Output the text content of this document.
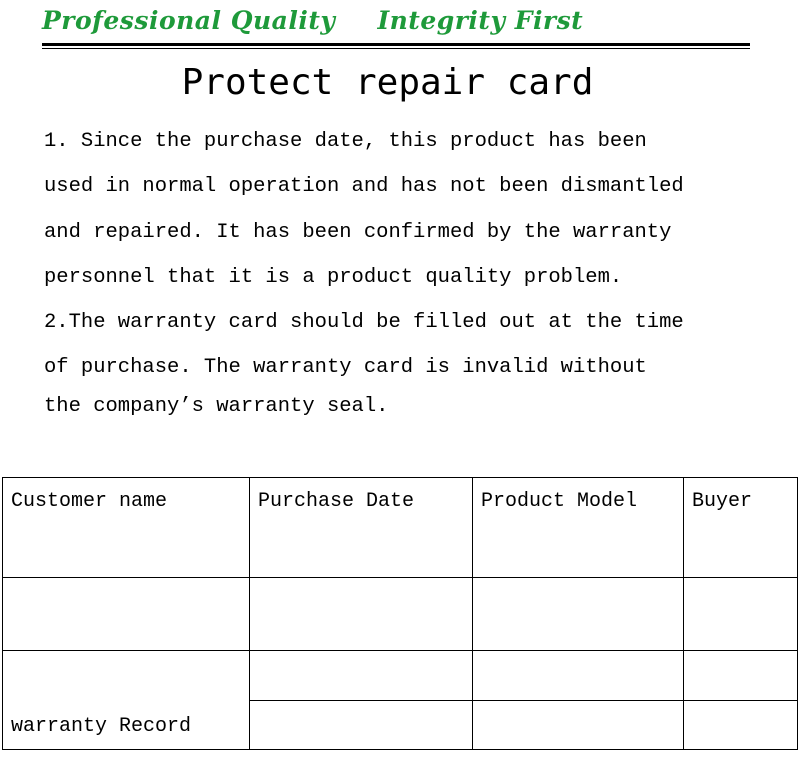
Professional Quality Integrity First
Protect repair card
1. Since the purchase date, this product has been
used in normal operation and has not been dismantled
and repaired. It has been confirmed by the warranty
personnel that it is a product quality problem.
2.The warranty card should be filled out at the time
of purchase. The warranty card is invalid without
the company’s warranty seal.
Customer name	Purchase Date	Product Model	Buyer

warranty Record			
